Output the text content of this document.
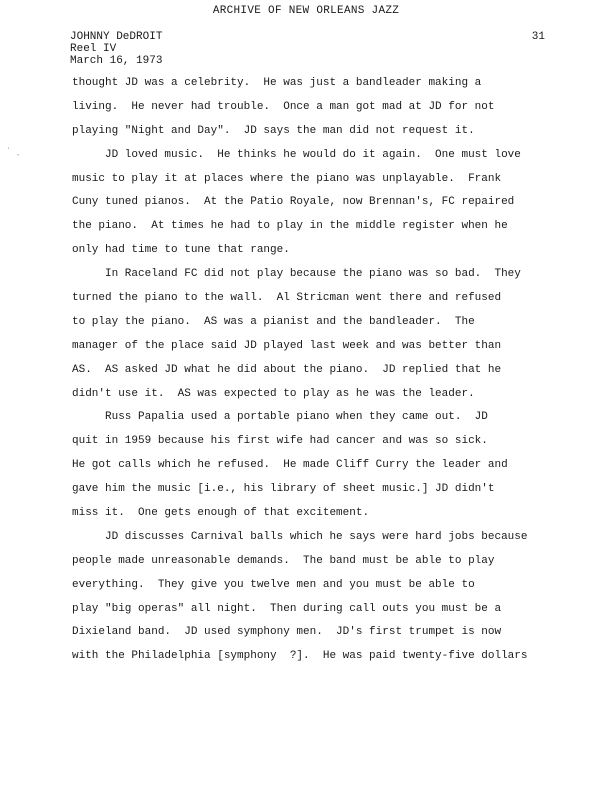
ARCHIVE OF NEW ORLEANS JAZZ
JOHNNY DeDROIT
Reel IV
March 16, 1973
31
˙ ˎ
thought JD was a celebrity.  He was just a bandleader making a
living.  He never had trouble.  Once a man got mad at JD for not
playing "Night and Day".  JD says the man did not request it.
JD loved music.  He thinks he would do it again.  One must love
music to play it at places where the piano was unplayable.  Frank
Cuny tuned pianos.  At the Patio Royale, now Brennan's, FC repaired
the piano.  At times he had to play in the middle register when he
only had time to tune that range.
In Raceland FC did not play because the piano was so bad.  They
turned the piano to the wall.  Al Stricman went there and refused
to play the piano.  AS was a pianist and the bandleader.  The
manager of the place said JD played last week and was better than
AS.  AS asked JD what he did about the piano.  JD replied that he
didn't use it.  AS was expected to play as he was the leader.
Russ Papalia used a portable piano when they came out.  JD
quit in 1959 because his first wife had cancer and was so sick.
He got calls which he refused.  He made Cliff Curry the leader and
gave him the music [i.e., his library of sheet music.] JD didn't
miss it.  One gets enough of that excitement.
JD discusses Carnival balls which he says were hard jobs because
people made unreasonable demands.  The band must be able to play
everything.  They give you twelve men and you must be able to
play "big operas" all night.  Then during call outs you must be a
Dixieland band.  JD used symphony men.  JD's first trumpet is now
with the Philadelphia [symphony  ?].  He was paid twenty-five dollars
